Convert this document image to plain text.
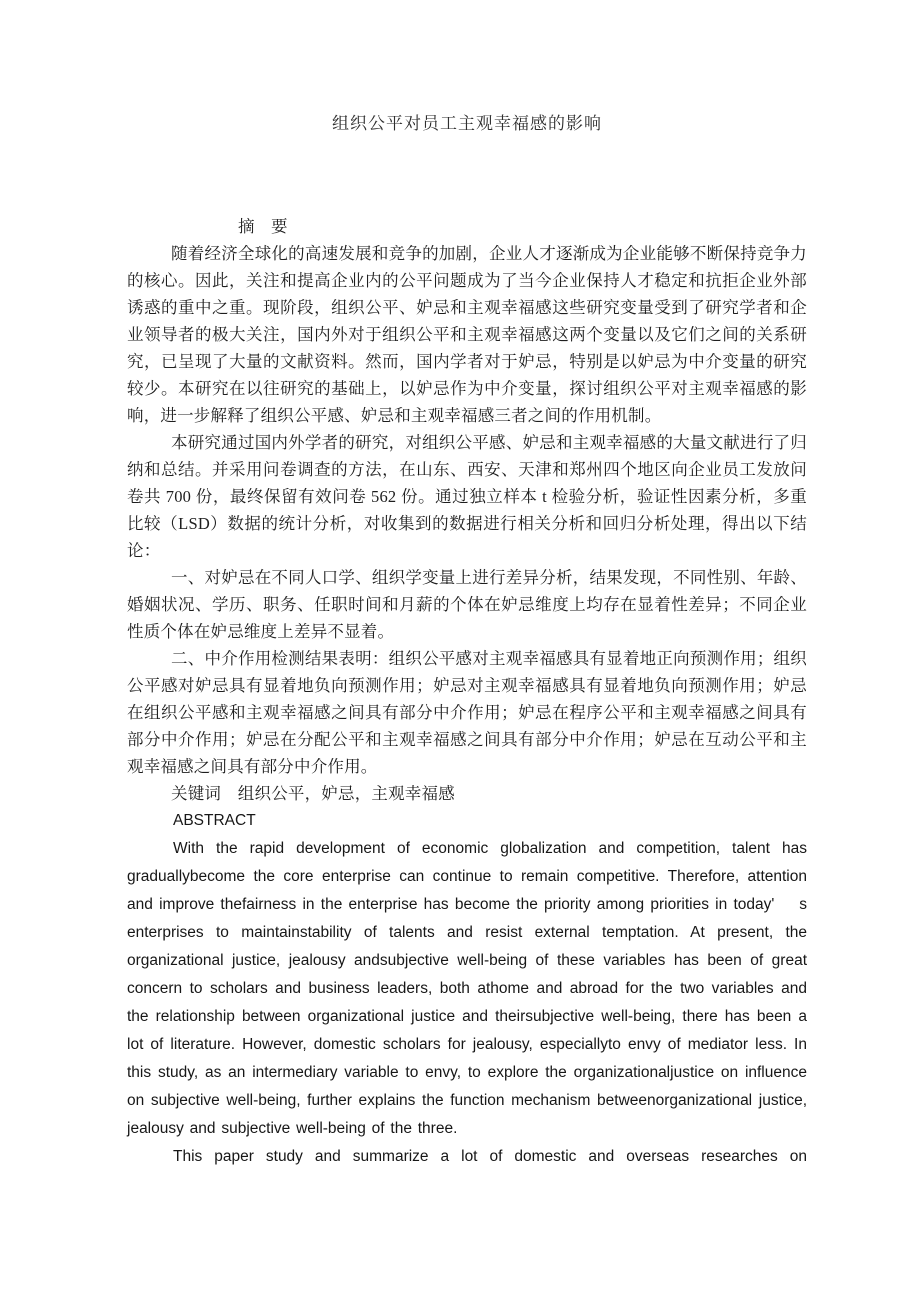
组织公平对员工主观幸福感的影响
摘　要

随着经济全球化的高速发展和竞争的加剧，企业人才逐渐成为企业能够不断保持竞争力的核心。因此，关注和提高企业内的公平问题成为了当今企业保持人才稳定和抗拒企业外部诱惑的重中之重。现阶段，组织公平、妒忌和主观幸福感这些研究变量受到了研究学者和企业领导者的极大关注，国内外对于组织公平和主观幸福感这两个变量以及它们之间的关系研究，已呈现了大量的文献资料。然而，国内学者对于妒忌，特别是以妒忌为中介变量的研究较少。本研究在以往研究的基础上，以妒忌作为中介变量，探讨组织公平对主观幸福感的影响，进一步解释了组织公平感、妒忌和主观幸福感三者之间的作用机制。

本研究通过国内外学者的研究，对组织公平感、妒忌和主观幸福感的大量文献进行了归纳和总结。并采用问卷调查的方法，在山东、西安、天津和郑州四个地区向企业员工发放问卷共 700 份，最终保留有效问卷 562 份。通过独立样本 t 检验分析，验证性因素分析，多重比较（LSD）数据的统计分析，对收集到的数据进行相关分析和回归分析处理，得出以下结论：

一、对妒忌在不同人口学、组织学变量上进行差异分析，结果发现，不同性别、年龄、婚姻状况、学历、职务、任职时间和月薪的个体在妒忌维度上均存在显着性差异；不同企业性质个体在妒忌维度上差异不显着。

二、中介作用检测结果表明：组织公平感对主观幸福感具有显着地正向预测作用；组织公平感对妒忌具有显着地负向预测作用；妒忌对主观幸福感具有显着地负向预测作用；妒忌在组织公平感和主观幸福感之间具有部分中介作用；妒忌在程序公平和主观幸福感之间具有部分中介作用；妒忌在分配公平和主观幸福感之间具有部分中介作用；妒忌在互动公平和主观幸福感之间具有部分中介作用。

关键词　组织公平，妒忌，主观幸福感

ABSTRACT

With the rapid development of economic globalization and competition, talent has graduallybecome the core enterprise can continue to remain competitive. Therefore, attention and improve thefairness in the enterprise has become the priority among priorities in today'    s enterprises to maintainstability of talents and resist external temptation. At present, the organizational justice, jealousy andsubjective well-being of these variables has been of great concern to scholars and business leaders, both athome and abroad for the two variables and the relationship between organizational justice and theirsubjective well-being, there has been a lot of literature. However, domestic scholars for jealousy, especiallyto envy of mediator less. In this study, as an intermediary variable to envy, to explore the organizationaljustice on influence on subjective well-being, further explains the function mechanism betweenorganizational justice, jealousy and subjective well-being of the three.

This paper study and summarize a lot of domestic and overseas researches on
